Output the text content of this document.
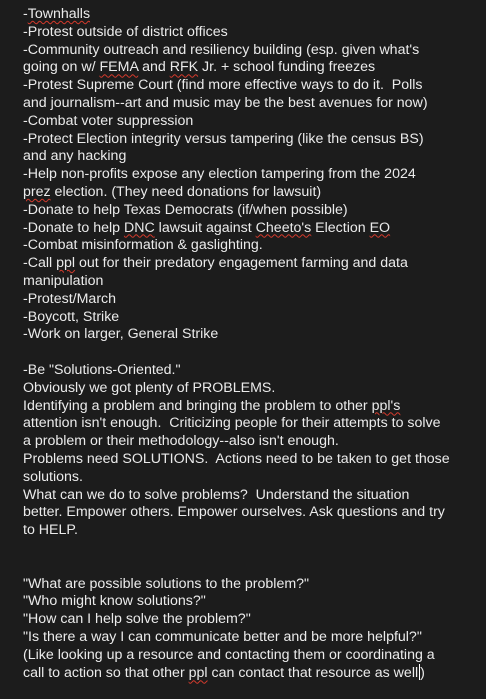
-Townhalls
-Protest outside of district offices
-Community outreach and resiliency building (esp. given what's
going on w/ FEMA and RFK Jr. + school funding freezes
-Protest Supreme Court (find more effective ways to do it.  Polls
and journalism--art and music may be the best avenues for now)
-Combat voter suppression
-Protect Election integrity versus tampering (like the census BS)
and any hacking
-Help non-profits expose any election tampering from the 2024
prez election. (They need donations for lawsuit)
-Donate to help Texas Democrats (if/when possible)
-Donate to help DNC lawsuit against Cheeto's Election EO
-Combat misinformation & gaslighting.
-Call ppl out for their predatory engagement farming and data
manipulation
-Protest/March
-Boycott, Strike
-Work on larger, General Strike
-Be "Solutions-Oriented."
Obviously we got plenty of PROBLEMS.
Identifying a problem and bringing the problem to other ppl's
attention isn't enough.  Criticizing people for their attempts to solve
a problem or their methodology--also isn't enough.
Problems need SOLUTIONS.  Actions need to be taken to get those
solutions.
What can we do to solve problems?  Understand the situation
better. Empower others. Empower ourselves. Ask questions and try
to HELP.
"What are possible solutions to the problem?"
"Who might know solutions?"
"How can I help solve the problem?"
"Is there a way I can communicate better and be more helpful?"
(Like looking up a resource and contacting them or coordinating a
call to action so that other ppl can contact that resource as well )
